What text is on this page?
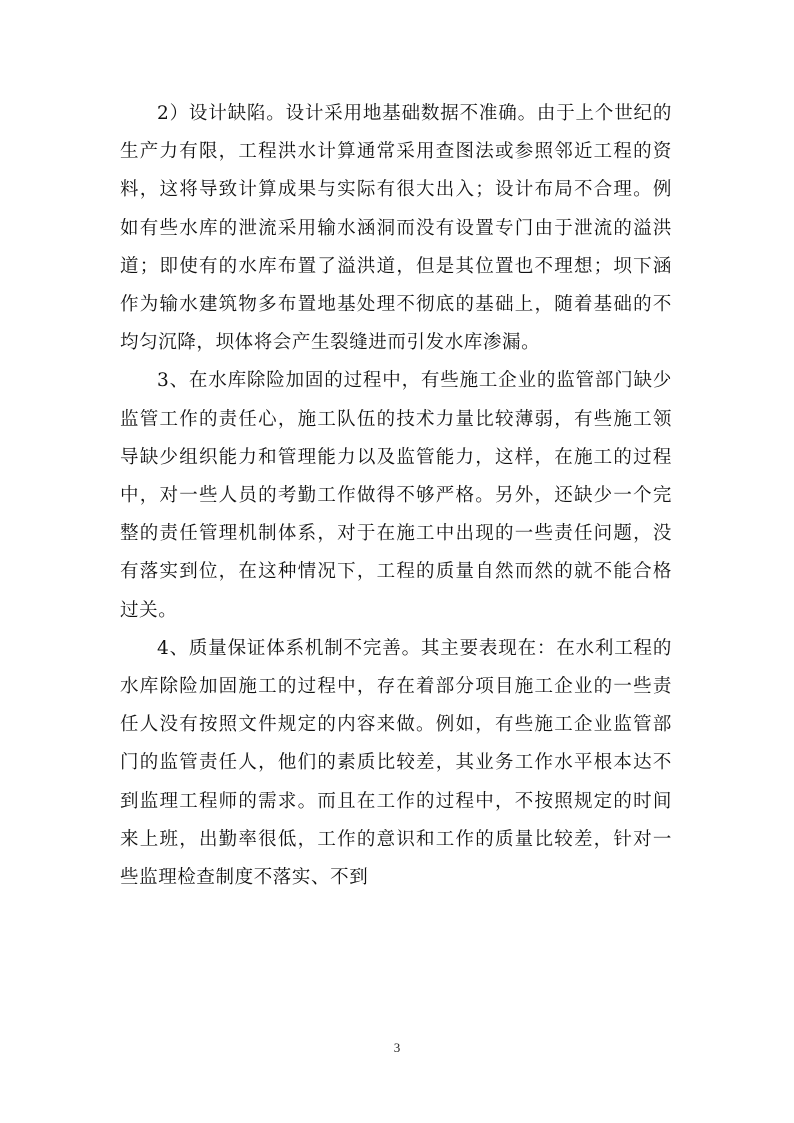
2）设计缺陷。设计采用地基础数据不准确。由于上个世纪的生产力有限，工程洪水计算通常采用查图法或参照邻近工程的资料，这将导致计算成果与实际有很大出入；设计布局不合理。例如有些水库的泄流采用输水涵洞而没有设置专门由于泄流的溢洪道；即使有的水库布置了溢洪道，但是其位置也不理想；坝下涵作为输水建筑物多布置地基处理不彻底的基础上，随着基础的不均匀沉降，坝体将会产生裂缝进而引发水库渗漏。

3、在水库除险加固的过程中，有些施工企业的监管部门缺少监管工作的责任心，施工队伍的技术力量比较薄弱，有些施工领导缺少组织能力和管理能力以及监管能力，这样，在施工的过程中，对一些人员的考勤工作做得不够严格。另外，还缺少一个完整的责任管理机制体系，对于在施工中出现的一些责任问题，没有落实到位，在这种情况下，工程的质量自然而然的就不能合格过关。

4、质量保证体系机制不完善。其主要表现在：在水利工程的水库除险加固施工的过程中，存在着部分项目施工企业的一些责任人没有按照文件规定的内容来做。例如，有些施工企业监管部门的监管责任人，他们的素质比较差，其业务工作水平根本达不到监理工程师的需求。而且在工作的过程中，不按照规定的时间来上班，出勤率很低，工作的意识和工作的质量比较差，针对一些监理检查制度不落实、不到

3
